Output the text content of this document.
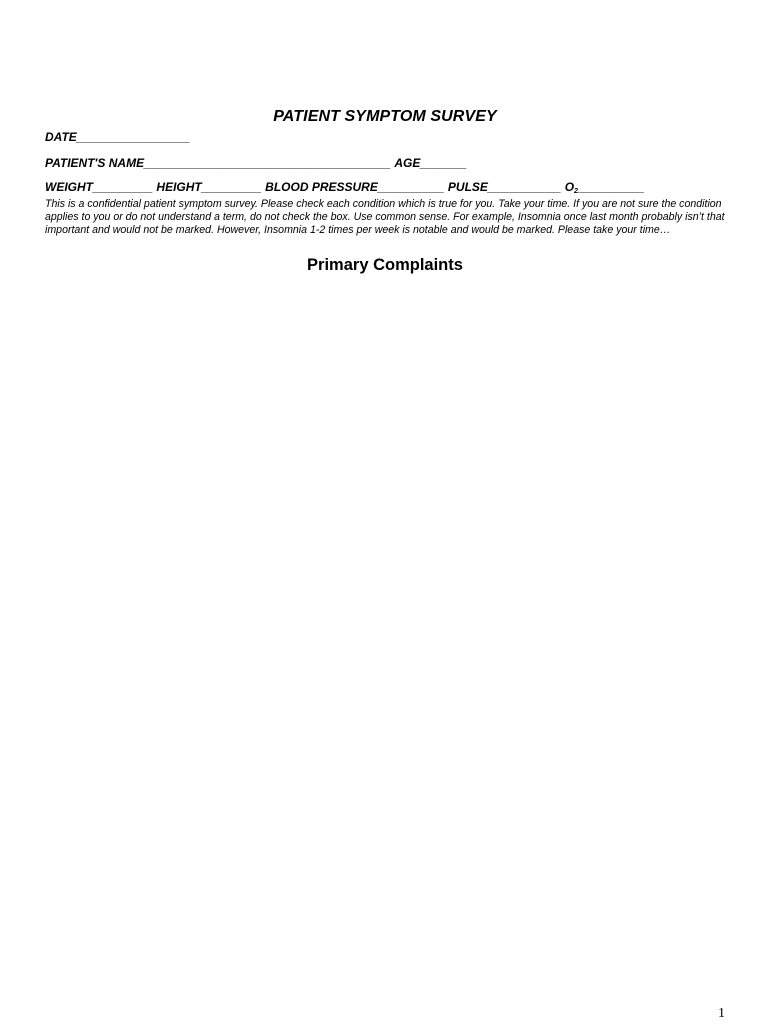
PATIENT SYMPTOM SURVEY
DATE_________________
PATIENT'S NAME_____________________________________ AGE_______
WEIGHT_________ HEIGHT_________ BLOOD PRESSURE__________ PULSE___________ $O_2\_\_\_\_\_\_\_\_\_\_$
This is a confidential patient symptom survey. Please check each condition which is true for you. Take your time. If you are not sure the condition applies to you or do not understand a term, do not check the box. Use common sense. For example, Insomnia once last month probably isn’t that important and would not be marked. However, Insomnia 1-2 times per week is notable and would be marked. Please take your time…
Primary Complaints
1
